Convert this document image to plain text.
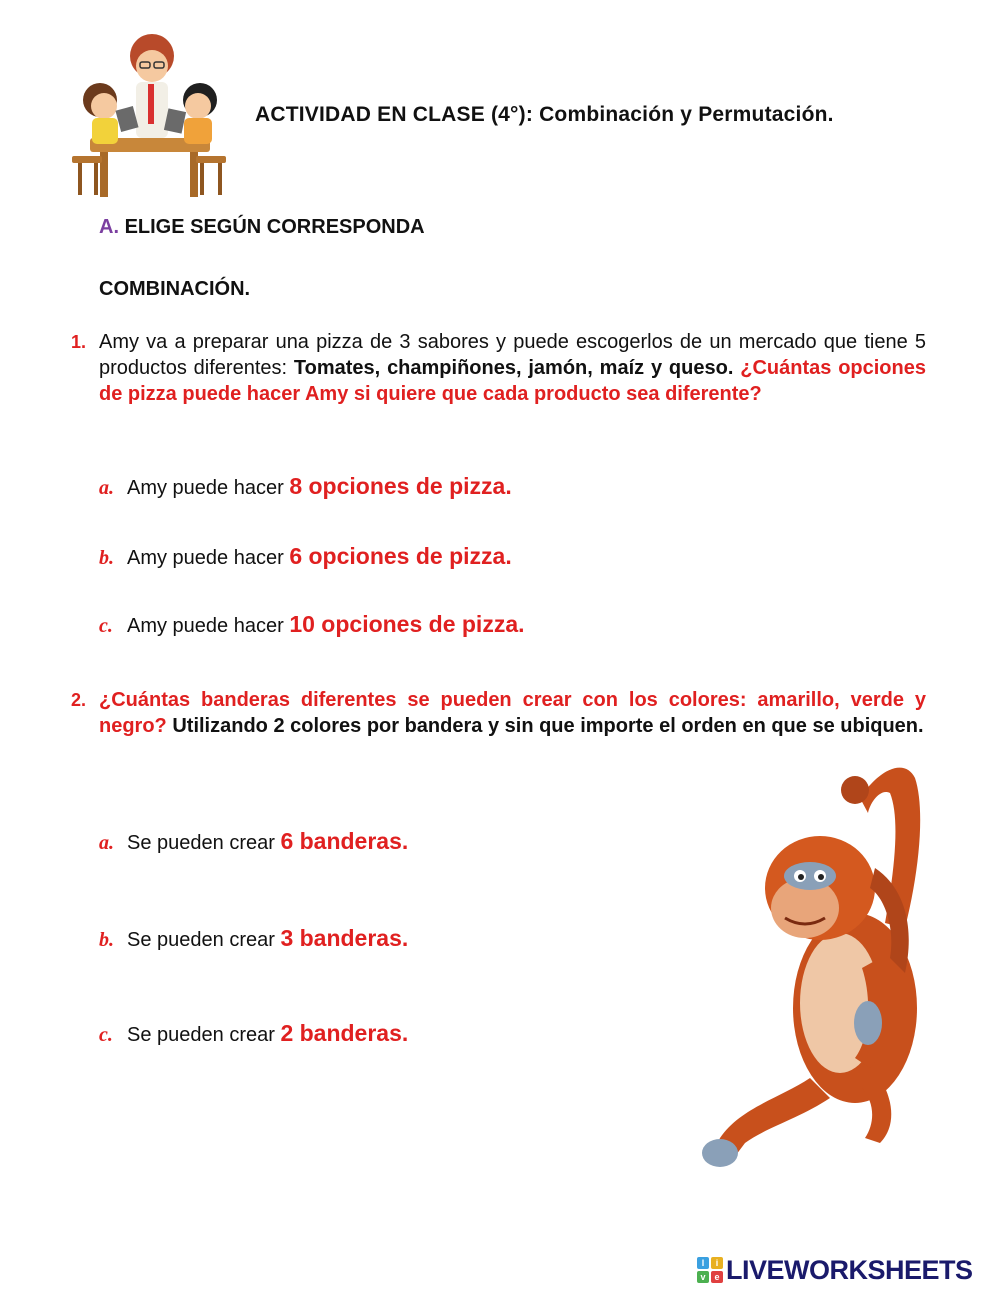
ACTIVIDAD EN CLASE (4°): Combinación y Permutación.
A. ELIGE SEGÚN CORRESPONDA
COMBINACIÓN.
1. Amy va a preparar una pizza de 3 sabores y puede escogerlos de un mercado que tiene 5 productos diferentes: Tomates, champiñones, jamón, maíz y queso. ¿Cuántas opciones de pizza puede hacer Amy si quiere que cada producto sea diferente?
a. Amy puede hacer 8 opciones de pizza.
b. Amy puede hacer 6 opciones de pizza.
c. Amy puede hacer 10 opciones de pizza.
2. ¿Cuántas banderas diferentes se pueden crear con los colores: amarillo, verde y negro? Utilizando 2 colores por bandera y sin que importe el orden en que se ubiquen.
a. Se pueden crear 6 banderas.
b. Se pueden crear 3 banderas.
c. Se pueden crear 2 banderas.
l	i
v e LIVEWORKSHEETS
